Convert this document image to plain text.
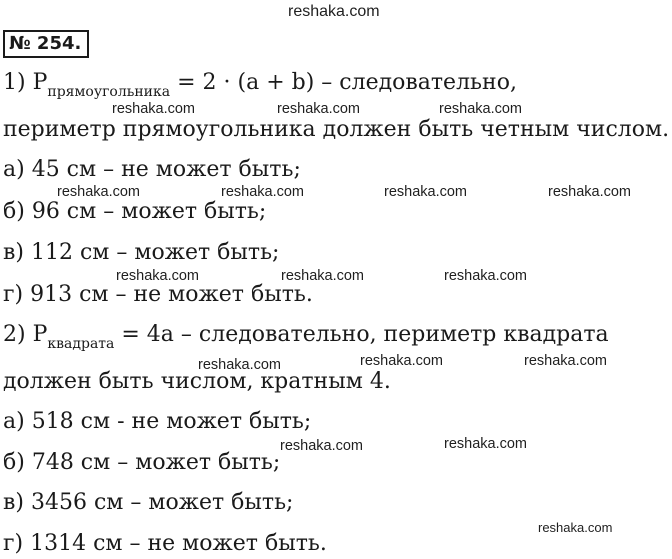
reshaka.com
№ 254.
1) $P_{прямоугольника} = 2 \cdot (a + b)$ – следовательно,
reshaka.com	reshaka.com	reshaka.com
периметр прямоугольника должен быть четным числом.
а) 45 см – не может быть;
reshaka.com	reshaka.com	reshaka.com	reshaka.com
б) 96 см – может быть;
в) 112 см – может быть;
reshaka.com	reshaka.com	reshaka.com
г) 913 см – не может быть.
2) $P_{квадрата} = 4a$ – следовательно, периметр квадрата
reshaka.com	reshaka.com	reshaka.com
должен быть числом, кратным 4.
а) 518 см - не может быть;
reshaka.com	reshaka.com
б) 748 см – может быть;
в) 3456 см – может быть;
reshaka.com
г) 1314 см – не может быть.
